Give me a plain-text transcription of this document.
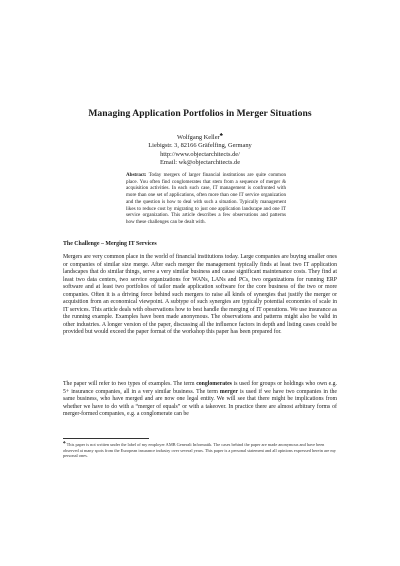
Managing Application Portfolios in Merger Situations
Wolfgang Keller♣
Liebigstr. 3, 82166 Gräfelfing, Germany
http://www.objectarchitects.de/
Email: wk@objectarchitects.de
Abstract: Today mergers of larger financial institutions are quite common place. You often find conglomerates that stem from a sequence of merger & acquisition activities. In each such case, IT management is confronted with more than one set of applications, often more than one IT service organization and the question is how to deal with such a situation. Typically management likes to reduce cost by migrating to just one application landscape and one IT service organization. This article describes a few observations and patterns how these challenges can be dealt with.
The Challenge – Merging IT Services
Mergers are very common place in the world of financial institutions today. Large companies are buying smaller ones or companies of similar size merge. After each merger the management typically finds at least two IT application landscapes that do similar things, serve a very similar business and cause significant maintenance costs. They find at least two data centers, two service organizations for WANs, LANs and PCs, two organizations for running ERP software and at least two portfolios of tailor made application software for the core business of the two or more companies. Often it is a driving force behind such mergers to raise all kinds of synergies that justify the merger or acquisition from an economical viewpoint. A subtype of such synergies are typically potential economies of scale in IT services. This article deals with observations how to best handle the merging of IT operations. We use insurance as the running example. Examples have been made anonymous. The observations and patterns might also be valid in other industries. A longer version of the paper, discussing all the influence factors in depth and listing cases could be provided but would exceed the paper format of the workshop this paper has been prepared for.
The paper will refer to two types of examples. The term conglomerates is used for groups or holdings who own e.g. 5+ insurance companies, all in a very similar business. The term merger is used if we have two companies in the same business, who have merged and are now one legal entity. We will see that there might be implications from whether we have to do with a “merger of equals” or with a takeover. In practice there are almost arbitrary forms of merger-formed companies, e.g. a conglomerate can be
♣ This paper is not written under the label of my employer AMB Generali Informatik. The cases behind the paper are made anonymous and have been observed at many spots from the European insurance industry over several years. This paper is a personal statement and all opinions expressed herein are my personal ones.
